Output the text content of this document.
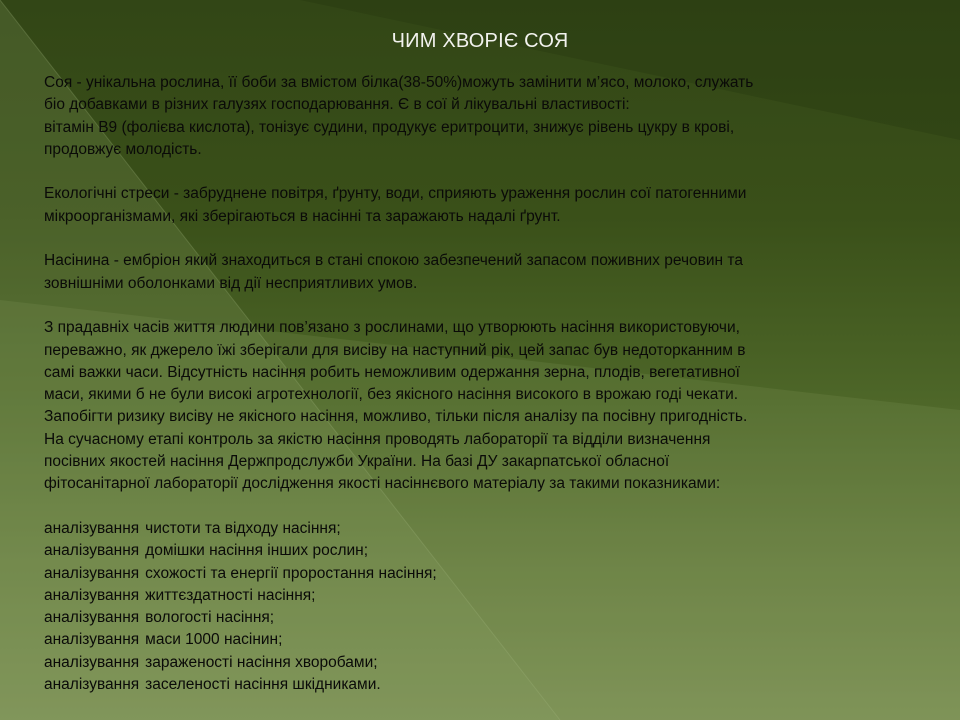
ЧИМ ХВОРІЄ СОЯ

Соя - унікальна рослина, її боби за вмістом білка(38-50%)можуть замінити м’ясо, молоко, служать
біо добавками в різних галузях господарювання. Є в сої й лікувальні властивості:
вітамін В9 (фолієва кислота), тонізує судини, продукує еритроцити, знижує рівень цукру в крові,
продовжує молодість.

Екологічні стреси - забруднене повітря, ґрунту, води, сприяють ураження рослин сої патогенними
мікроорганізмами, які зберігаються в насінні та заражають надалі ґрунт.

Насінина - ембріон який знаходиться в стані спокою забезпечений запасом поживних речовин та
зовнішніми оболонками від дії несприятливих умов.

З прадавніх часів життя людини пов’язано з рослинами, що утворюють насіння використовуючи,
переважно, як джерело їжі зберігали для висіву на наступний рік, цей запас був недоторканним в
самі важки часи. Відсутність насіння робить неможливим одержання зерна, плодів, вегетативної
маси, якими б не були високі агротехнології, без якісного насіння високого в врожаю годі чекати.
Запобігти ризику висіву не якісного насіння, можливо, тільки після аналізу па посівну пригодність.
На сучасному етапі контроль за якістю насіння проводять лабораторії та відділи визначення
посівних якостей насіння Держпродслужби України. На базі ДУ закарпатської обласної
фітосанітарної лабораторії дослідження якості насіннєвого матеріалу за такими показниками:

аналізування чистоти та відходу насіння;
аналізування домішки насіння інших рослин;
аналізування схожості та енергії проростання насіння;
аналізування життєздатності насіння;
аналізування вологості насіння;
аналізування маси 1000 насінин;
аналізування зараженості насіння хворобами;
аналізування заселеності насіння шкідниками.
